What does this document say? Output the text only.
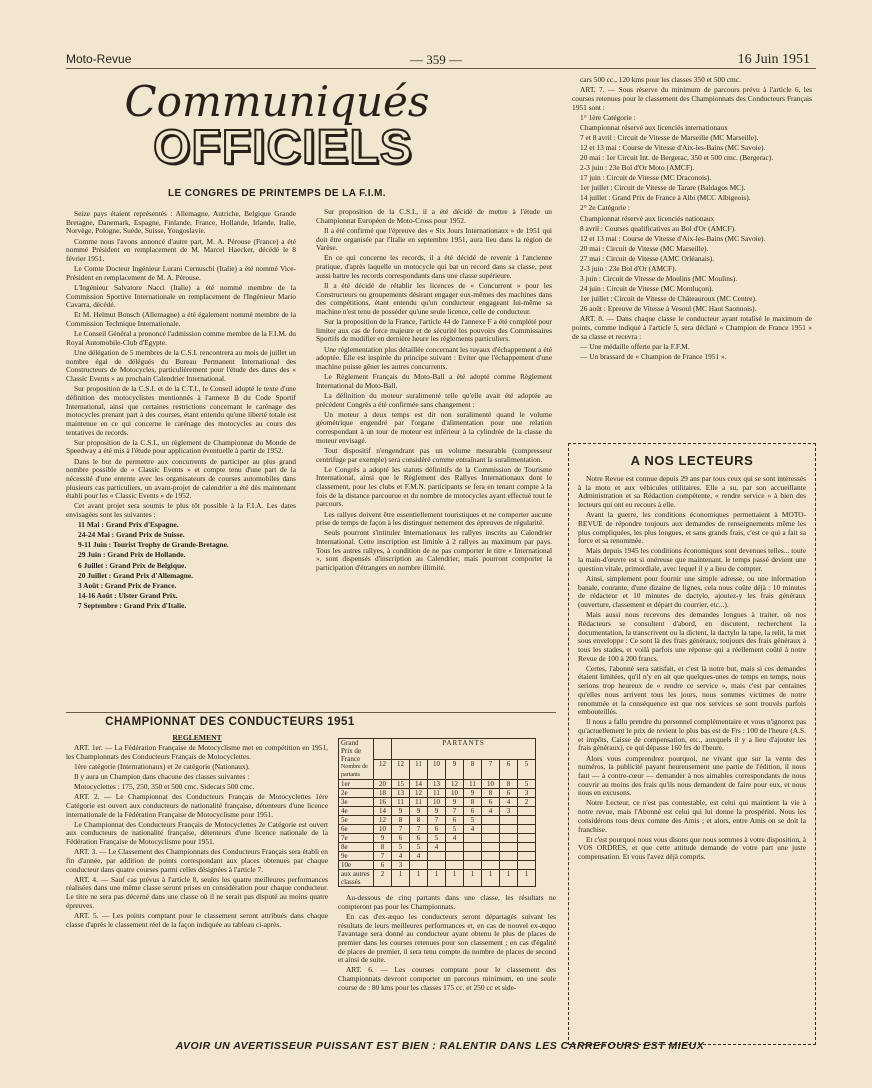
Moto-Revue	— 359 —	16 Juin 1951
Communiqués
OFFICIELS
LE CONGRES DE PRINTEMPS DE LA F.I.M.

Seize pays étaient représentés : Allemagne, Autriche, Belgique Grande Bretagne, Danemark, Espagne, Finlande, France, Hollande, Irlande, Italie, Norvège, Pologne, Suède, Suisse, Yougoslavie.

Comme nous l'avons annoncé d'autre part, M. A. Pérouse (France) a été nommé Président en remplacement de M. Marcel Haecker, décédé le 8 février 1951.

Le Comte Docteur Ingénieur Lurani Cernuschi (Italie) a été nommé Vice-Président en remplacement de M. A. Pérouse.

L'Ingénieur Salvatore Nacci (Italie) a été nommé membre de la Commission Sportive Internationale en remplacement de l'Ingénieur Mario Cavarra, décédé.

Et M. Helmut Bonsch (Allemagne) a été également nommé membre de la Commission Technique Internationale.

Le Conseil Général a prononcé l'admission comme membre de la F.I.M. du Royal Automobile-Club d'Egypte.

Une délégation de 5 membres de la C.S.I. rencontrera au mois de juillet un nombre égal de délégués du Bureau Permanent International des Constructeurs de Motocycles, particulièrement pour l'étude des dates des « Classic Events » au prochain Calendrier International.

Sur proposition de la C.S.I. et de la C.T.I., le Conseil adopté le texte d'une définition des motocyclistes mentionnés à l'annexe B du Code Sportif International, ainsi que certaines restrictions concernant le carénage des motocycles prenant part à des courses, étant entendu qu'une liberté totale est maintenue en ce qui concerne le carénage des motocycles au cours des tentatives de records.

Sur proposition de la C.S.I., un règlement de Championnat du Monde de Speedway a été mis à l'étude pour application éventuelle à partir de 1952.

Dans le but de permettre aux concurrents de participer au plus grand nombre possible de « Classic Events » et compte tenu d'une part de la nécessité d'une entente avec les organisateurs de courses automobiles dans plusieurs cas particuliers, un avant-projet de calendrier a été dès maintenant établi pour les « Classic Events » de 1952.

Cet avant projet sera soumis le plus tôt possible à la F.I.A. Les dates envisagées sont les suivantes :

11 Mai : Grand Prix d'Espagne.

24-24 Mai : Grand Prix de Suisse.

9-11 Juin : Tourist Trophy de Grande-Bretagne.

29 Juin : Grand Prix de Hollande.

6 Juillet : Grand Prix de Belgique.

20 Juillet : Grand Prix d'Allemagne.

3 Août : Grand Prix de France.

14-16 Août : Ulster Grand Prix.

7 Septembre : Grand Prix d'Italie.

Sur proposition de la C.S.I., il a été décidé de mettre à l'étude un Championnat Européen de Moto-Cross pour 1952.

Il a été confirmé que l'épreuve des « Six Jours Internationaux » de 1951 qui doit être organisée par l'Italie en septembre 1951, aura lieu dans la région de Varèse.

En ce qui concerne les records, il a été décidé de revenir à l'ancienne pratique, d'après laquelle un motocycle qui bat un record dans sa classe, peut aussi battre les records correspondants dans une classe supérieure.

Il a été décidé de rétablir les licences de « Concurrent » pour les Constructeurs ou groupements désirant engager eux-mêmes des machines dans des compétitions, étant entendu qu'un conducteur engageant lui-même sa machine n'est tenu de posséder qu'une seule licence, celle de conducteur.

Sur la proposition de la France, l'article 44 de l'annexe F a été complété pour limiter aux cas de force majeure et de sécurité les pouvoirs des Commissaires Sportifs de modifier en dernière heure les règlements particuliers.

Une réglementation plus détaillée concernant les tuyaux d'échappement a été adoptée. Elle est inspirée du principe suivant : Eviter que l'échappement d'une machine puisse gêner les autres concurrents.

Le Règlement Français du Moto-Ball a été adopté comme Règlement International du Moto-Ball.

La définition du moteur suralimenté telle qu'elle avait été adoptée au précédent Congrès a été confirmée sans changement :

Un moteur à deux temps est dit non suralimenté quand le volume géométrique engendré par l'organe d'alimentation pour une relation correspondant à un tour de moteur est inférieur à la cylindrée de la classe du moteur envisagé.

Tout dispositif n'engendrant pas un volume mesurable (compresseur centrifuge par exemple) sera considéré comme entraînant la suralimentation.

Le Congrès a adopté les statuts définitifs de la Commission de Tourisme International, ainsi que le Règlement des Rallyes Internationaux dont le classement, pour les clubs et F.M.N. participants se fera en tenant compte à la fois de la distance parcourue et du nombre de motocycles ayant effectué tout le parcours.

Les rallyes doivent être essentiellement touristiques et ne comporter aucune prise de temps de façon à les distinguer nettement des épreuves de régularité.

Seuls pourront s'intituler Internationaux les rallyes inscrits au Calendrier International. Cette inscription est limitée à 2 rallyes au maximum par pays. Tous les autres rallyes, à condition de ne pas comporter le titre « International », sont dispensés d'inscription au Calendrier, mais pourront comporter la participation d'étrangers en nombre illimité.

cars 500 cc., 120 kms pour les classes 350 et 500 cmc.

ART. 7. — Sous réserve du minimum de parcours prévu à l'article 6, les courses retenues pour le classement des Championnats des Conducteurs Français 1951 sont :

1° 1ère Catégorie :

Championnat réservé aux licenciés internationaux

7 et 8 avril : Circuit de Vitesse de Marseille (MC Marseille).

12 et 13 mai : Course de Vitesse d'Aix-les-Bains (MC Savoie).

20 mai : 1er Circuit Int. de Bergerac, 350 et 500 cmc. (Bergerac).

2-3 juin : 23e Bol d'Or Moto (AMCF).

17 juin : Circuit de Vitesse (MC Draconois).

1er juillet : Circuit de Vitesse de Tarare (Baldagos MC).

14 juillet : Grand Prix de France à Albi (MCC Albigeois).

2° 2e Catégorie :

Championnat réservé aux licenciés nationaux

8 avril : Courses qualificatives au Bol d'Or (AMCF).

12 et 13 mai : Course de Vitesse d'Aix-les-Bains (MC Savoie).

20 mai : Circuit de Vitesse (MC Marseille).

27 mai : Circuit de Vitesse (AMC Orléanais).

2-3 juin : 23e Bol d'Or (AMCF).

3 juin : Circuit de Vitesse de Moulins (MC Moulins).

24 juin : Circuit de Vitesse (MC Montluçon).

1er juillet : Circuit de Vitesse de Châteauroux (MC Centre).

26 août : Epreuve de Vitesse à Vesoul (MC Haut Saonnois).

ART. 8. — Dans chaque classe le conducteur ayant totalisé le maximum de points, comme indiqué à l'article 5, sera déclaré « Champion de France 1951 » de sa classe et recevra :

— Une médaille offerte par la F.F.M.

— Un brassard de « Champion de France 1951 ».

A NOS LECTEURS

Notre Revue est connue depuis 29 ans par tous ceux qui se sont intéressés à la moto et aux véhicules utilitaires. Elle a su, par son accueillante Administration et sa Rédaction compétente, « rendre service » à bien des lecteurs qui ont eu recours à elle.

Avant la guerre, les conditions économiques permettaient à MOTO-REVUE de répondre toujours aux demandes de renseignements même les plus compliquées, les plus longues, et sans grands frais, c'est ce qui a fait sa force et sa renommée.

Mais depuis 1945 les conditions économiques sont devenues telles... toute la main-d'œuvre est si onéreuse que maintenant, le temps passé devient une question vitale, primordiale, avec lequel il y a lieu de compter.

Ainsi, simplement pour fournir une simple adresse, ou une information banale, courante, d'une dizaine de lignes, cela nous coûte déjà : 10 minutes de rédacteur et 10 minutes de dactylo, ajoutez-y les frais généraux (ouverture, classement et départ du courrier, etc...).

Mais aussi nous recevons des demandes longues à traiter, où nos Rédacteurs se consultent d'abord, en discutent, recherchent la documentation, la transcrivent ou la dictent, la dactylo la tape, la relit, la met sous enveloppe : Ce sont là des frais généraux, toujours des frais généraux à tous les stades, et voilà parfois une réponse qui a réellement coûté à notre Revue de 100 à 200 francs.

Certes, l'abonné sera satisfait, et c'est là notre but, mais si ces demandes étaient limitées, qu'il n'y en ait que quelques-unes de temps en temps, nous serions trop heureux de « rendre ce service », mais c'est par centaines qu'elles nous arrivent tous les jours, nous sommes victimes de notre renommée et la conséquence est que nos services se sont trouvés parfois embouteillés.

Il nous a fallu prendre du personnel complémentaire et vous n'ignorez pas qu'actuellement le prix de revient le plus bas est de Frs : 100 de l'heure (A.S. et impôts, Caisse de compensation, etc., auxquels il y a lieu d'ajouter les frais généraux), ce qui dépasse 160 frs de l'heure.

Alors vous comprendrez pourquoi, ne vivant que sur la vente des numéros, la publicité payant heureusement une partie de l'édition, il nous faut — à contre-cœur — demander à nos aimables correspondants de nous couvrir au moins des frais qu'ils nous demandent de faire pour eux, et nous nous en excusons.

Notre Lecteur, ce n'est pas contestable, est celui qui maintient la vie à notre revue, mais l'Abonné est celui qui lui donne la prospérité. Nous les considérons tous deux comme des Amis ; et alors, entre Amis on se doit la franchise.

Et c'est pourquoi nous vous disons que nous sommes à votre disposition, à VOS ORDRES, et que cette attitude demande de votre part une juste compensation. Et vous l'avez déjà compris.

CHAMPIONNAT DES CONDUCTEURS 1951

REGLEMENT

ART. 1er. — La Fédération Française de Motocyclisme met en compétition en 1951, les Championnats des Conducteurs Français de Motocyclettes.

1ère catégorie (Internationaux) et 2e catégorie (Nationaux).

Il y aura un Champion dans chacune des classes suivantes :

Motocyclettes : 175, 250, 350 et 500 cmc. Sidecars 500 cmc.

ART. 2. — Le Championnat des Conducteurs Français de Motocyclettes 1ère Catégorie est ouvert aux conducteurs de nationalité française, détenteurs d'une licence internationale de la Fédération Française de Motocyclisme pour 1951.

Le Championnat des Conducteurs Français de Motocyclettes 2e Catégorie est ouvert aux conducteurs de nationalité française, détenteurs d'une licence nationale de la Fédération Française de Motocyclisme pour 1951.

ART. 3. — Le Classement des Championnats des Conducteurs Français sera établi en fin d'année, par addition de points correspondant aux places obtenues par chaque conducteur dans quatre courses parmi celles désignées à l'article 7.

ART. 4. — Sauf cas prévus à l'article 8, seules les quatre meilleures performances réalisées dans une même classe seront prises en considération pour chaque conducteur. Le titre ne sera pas décerné dans une classe où il ne serait pas disputé au moins quatre épreuves.

ART. 5. — Les points comptant pour le classement seront attribués dans chaque classe d'après le classement réel de la façon indiquée au tableau ci-après.

Grand Prix de France
Nombre de partants		PARTANTS							
	12	12	11	10	9	8	7	6	5
1er	20	15	14	13	12	11	10	8	5
2e	18	13	12	11	10	9	8	6	3
3e	16	11	11	10	9	8	6	4	2
4e	14	9	9	9	7	6	4	3	
5e	12	8	8	7	6	5			
6e	10	7	7	6	5	4			
7e	9	6	6	5	4				
8e	8	5	5	4					
9e	7	4	4						
10e	6	3							
aux autres classés	2	1	1	1	1	1	1	1	1

Au-dessous de cinq partants dans une classe, les résultats ne compteront pas pour les Championnats.

En cas d'ex-æquo les conducteurs seront départagés suivant les résultats de leurs meilleures performances et, en cas de nouvel ex-æquo l'avantage sera donné au conducteur ayant obtenu le plus de places de premier dans les courses retenues pour son classement ; en cas d'égalité de places de premier, il sera tenu compte du nombre de places de second et ainsi de suite.

ART. 6. — Les courses comptant pour le classement des Championnats devront comporter un parcours minimum, en une seule course de : 80 kms pour les classes 175 cc. et 250 cc et side-

AVOIR UN AVERTISSEUR PUISSANT EST BIEN : RALENTIR DANS LES CARREFOURS EST MIEUX
